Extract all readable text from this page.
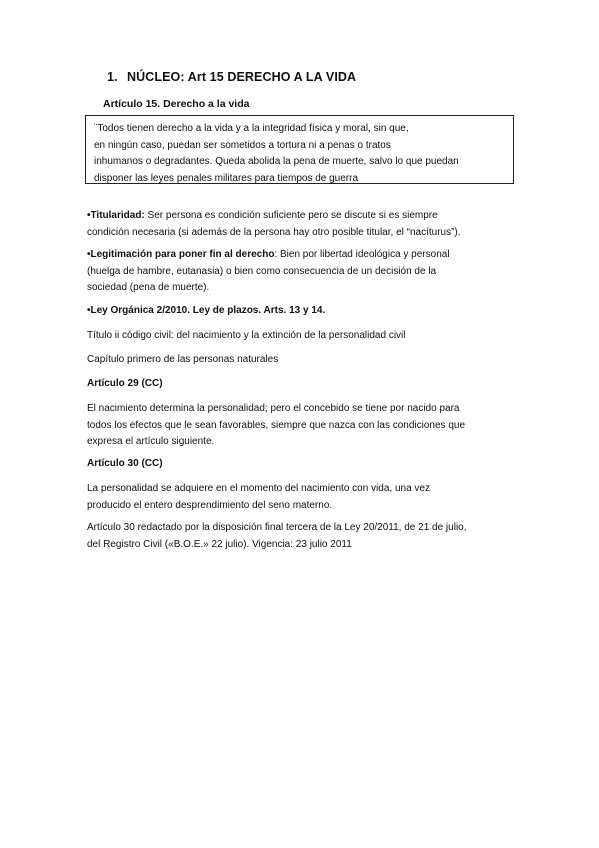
1. NÚCLEO: Art 15 DERECHO A LA VIDA
Artículo 15. Derecho a la vida
¨Todos tienen derecho a la vida y a la integridad física y moral, sin que,
en ningún caso, puedan ser sometidos a tortura ni a penas o tratos
inhumanos o degradantes. Queda abolida la pena de muerte, salvo lo que puedan
disponer las leyes penales militares para tiempos de guerra
•Titularidad: Ser persona es condición suficiente pero se discute si es siempre
condición necesaria (si además de la persona hay otro posible titular, el “nacíturus”).
•Legitimación para poner fin al derecho: Bien por libertad ideológica y personal
(huelga de hambre, eutanasia) o bien como consecuencia de un decisión de la
sociedad (pena de muerte).
•Ley Orgánica 2/2010. Ley de plazos. Arts. 13 y 14.
Título ii código civil: del nacimiento y la extinción de la personalidad civil
Capítulo primero de las personas naturales
Artículo 29 (CC)
El nacimiento determina la personalidad; pero el concebido se tiene por nacido para
todos los efectos que le sean favorables, siempre que nazca con las condiciones que
expresa el artículo siguiente.
Artículo 30 (CC)
La personalidad se adquiere en el momento del nacimiento con vida, una vez
producido el entero desprendimiento del seno materno.
Artículo 30 redactado por la disposición final tercera de la Ley 20/2011, de 21 de julio,
del Registro Civil («B.O.E.» 22 julio). Vigencia: 23 julio 2011
